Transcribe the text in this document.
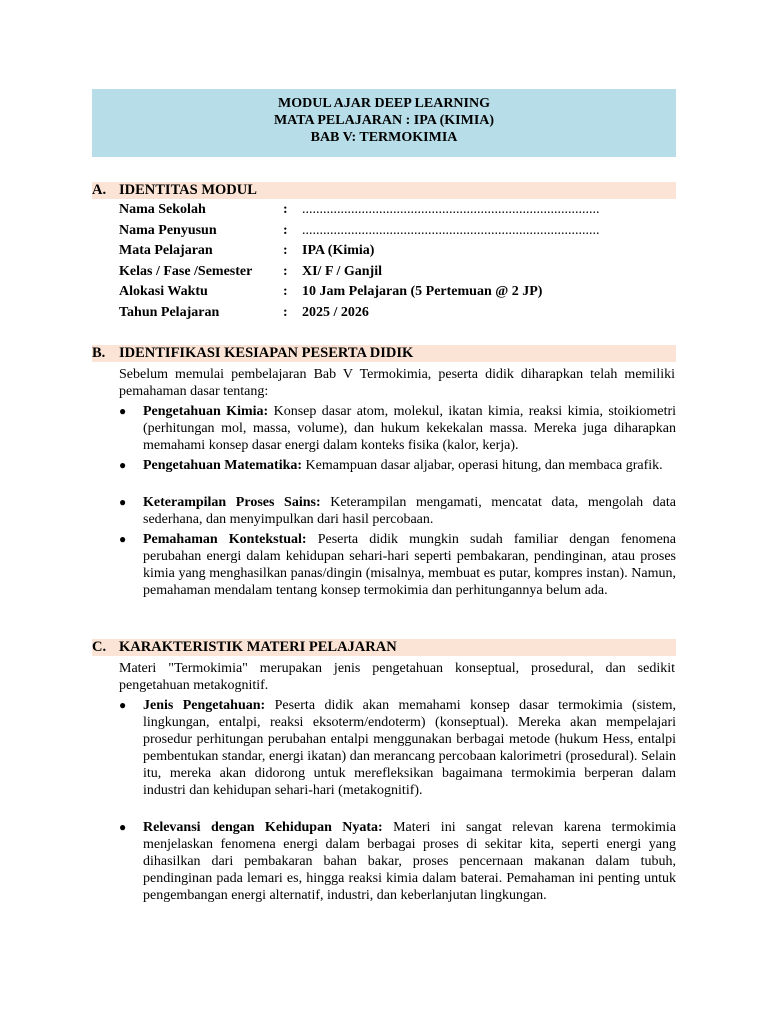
MODUL AJAR DEEP LEARNING
MATA PELAJARAN : IPA (KIMIA)
BAB V: TERMOKIMIA
A. IDENTITAS MODUL
Nama Sekolah	: .....................................................................................
Nama Penyusun	: .....................................................................................
Mata Pelajaran	: IPA (Kimia)
Kelas / Fase /Semester : XI/ F / Ganjil
Alokasi Waktu	: 10 Jam Pelajaran (5 Pertemuan @ 2 JP)
Tahun Pelajaran	: 2025 / 2026
B. IDENTIFIKASI KESIAPAN PESERTA DIDIK

Sebelum memulai pembelajaran Bab V Termokimia, peserta didik diharapkan telah memiliki pemahaman dasar tentang:

● Pengetahuan Kimia: Konsep dasar atom, molekul, ikatan kimia, reaksi kimia, stoikiometri (perhitungan mol, massa, volume), dan hukum kekekalan massa. Mereka juga diharapkan memahami konsep dasar energi dalam konteks fisika (kalor, kerja).

● Pengetahuan Matematika: Kemampuan dasar aljabar, operasi hitung, dan membaca grafik.

● Keterampilan Proses Sains: Keterampilan mengamati, mencatat data, mengolah data sederhana, dan menyimpulkan dari hasil percobaan.

● Pemahaman Kontekstual: Peserta didik mungkin sudah familiar dengan fenomena perubahan energi dalam kehidupan sehari-hari seperti pembakaran, pendinginan, atau proses kimia yang menghasilkan panas/dingin (misalnya, membuat es putar, kompres instan). Namun, pemahaman mendalam tentang konsep termokimia dan perhitungannya belum ada.

C. KARAKTERISTIK MATERI PELAJARAN

Materi "Termokimia" merupakan jenis pengetahuan konseptual, prosedural, dan sedikit pengetahuan metakognitif.

● Jenis Pengetahuan: Peserta didik akan memahami konsep dasar termokimia (sistem, lingkungan, entalpi, reaksi eksoterm/endoterm) (konseptual). Mereka akan mempelajari prosedur perhitungan perubahan entalpi menggunakan berbagai metode (hukum Hess, entalpi pembentukan standar, energi ikatan) dan merancang percobaan kalorimetri (prosedural). Selain itu, mereka akan didorong untuk merefleksikan bagaimana termokimia berperan dalam industri dan kehidupan sehari-hari (metakognitif).

● Relevansi dengan Kehidupan Nyata: Materi ini sangat relevan karena termokimia menjelaskan fenomena energi dalam berbagai proses di sekitar kita, seperti energi yang dihasilkan dari pembakaran bahan bakar, proses pencernaan makanan dalam tubuh, pendinginan pada lemari es, hingga reaksi kimia dalam baterai. Pemahaman ini penting untuk pengembangan energi alternatif, industri, dan keberlanjutan lingkungan.
